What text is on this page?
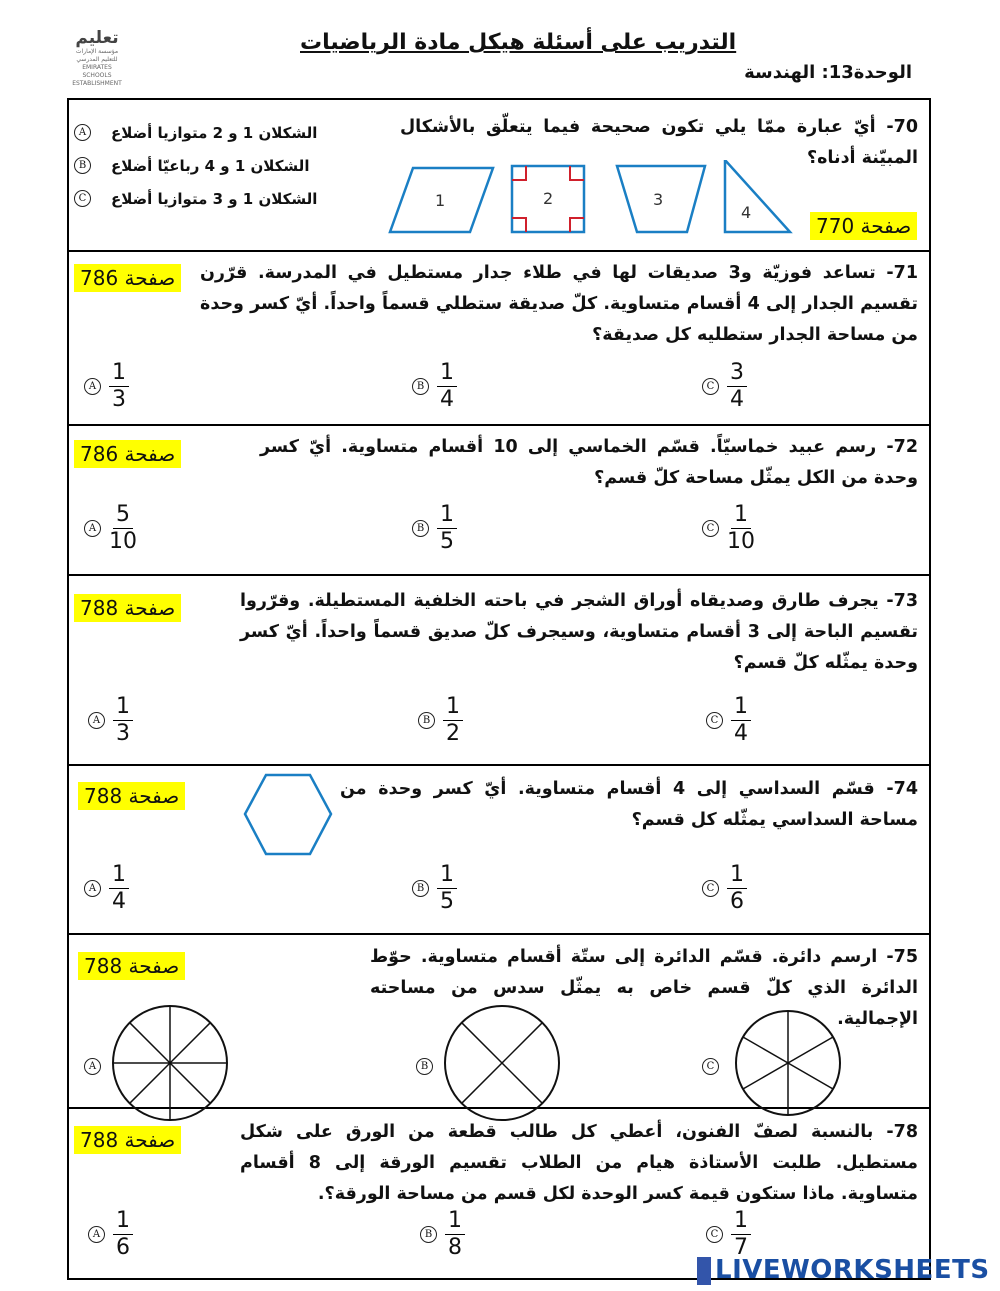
تعليم
مؤسسة الإمارات للتعليم المدرسي EMIRATES SCHOOLS ESTABLISHMENT
التدريب على أسئلة هيكل مادة الرياضيات
الوحدة13: الهندسة
70- أيّ عبارة ممّا يلي تكون صحيحة فيما يتعلّق بالأشكال المبيّنة أدناه؟
صفحة 770
A	الشكلان 1 و 2 متوازيا أضلاع
B	الشكلان 1 و 4 رباعيّا أضلاع
C	الشكلان 1 و 3 متوازيا أضلاع	1	2	3
4
71- تساعد فوزيّة و3 صديقات لها في طلاء جدار مستطيل في المدرسة. قرّرن تقسيم الجدار إلى 4 أقسام متساوية. كلّ صديقة ستطلي قسماً واحداً. أيّ كسر وحدة من مساحة الجدار ستطليه كل صديقة؟
صفحة 786
A $\frac{1}{3}$	B $\frac{1}{4}$	C $\frac{3}{4}$
72- رسم عبيد خماسيّاً. قسّم الخماسي إلى 10 أقسام متساوية. أيّ كسر وحدة من الكل يمثّل مساحة كلّ قسم؟
صفحة 786
A $\frac{5}{10}$	B $\frac{1}{5}$	C $\frac{1}{10}$
73- يجرف طارق وصديقاه أوراق الشجر في باحته الخلفية المستطيلة. وقرّروا تقسيم الباحة إلى 3 أقسام متساوية، وسيجرف كلّ صديق قسماً واحداً. أيّ كسر وحدة يمثّله كلّ قسم؟
صفحة 788
A $\frac{1}{3}$	B $\frac{1}{2}$	C $\frac{1}{4}$
74- قسّم السداسي إلى 4 أقسام متساوية. أيّ كسر وحدة من مساحة السداسي يمثّله كل قسم؟
صفحة 788
A $\frac{1}{4}$	B $\frac{1}{5}$	C $\frac{1}{6}$
75- ارسم دائرة. قسّم الدائرة إلى ستّة أقسام متساوية. حوّط الدائرة الذي كلّ قسم خاص به يمثّل سدس من مساحته الإجمالية.
صفحة 788
A	B	C
78- بالنسبة لصفّ الفنون، أعطي كل طالب قطعة من الورق على شكل مستطيل. طلبت الأستاذة هيام من الطلاب تقسيم الورقة إلى 8 أقسام متساوية. ماذا ستكون قيمة كسر الوحدة لكل قسم من مساحة الورقة؟.
صفحة 788
A $\frac{1}{6}$	B $\frac{1}{8}$	C $\frac{1}{7}$
LIVEWORKSHEETS
